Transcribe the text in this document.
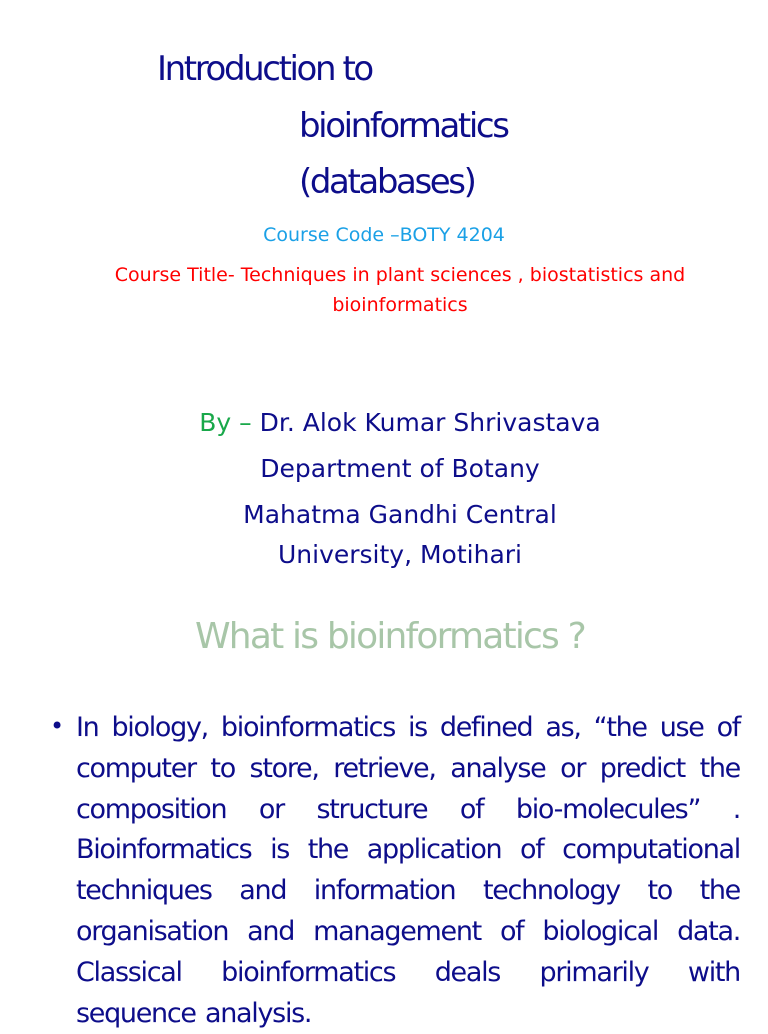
Introduction to
bioinformatics
(databases)

Course Code –BOTY 4204

Course Title- Techniques in plant sciences , biostatistics and bioinformatics

By – Dr. Alok Kumar Shrivastava

Department of Botany

Mahatma Gandhi Central University, Motihari

What is bioinformatics ?
• In biology, bioinformatics is defined as, “the use of computer to store, retrieve, analyse or predict the composition or structure of bio-molecules” . Bioinformatics is the application of computational techniques and information technology to the organisation and management of biological data. Classical bioinformatics deals primarily with sequence analysis.
